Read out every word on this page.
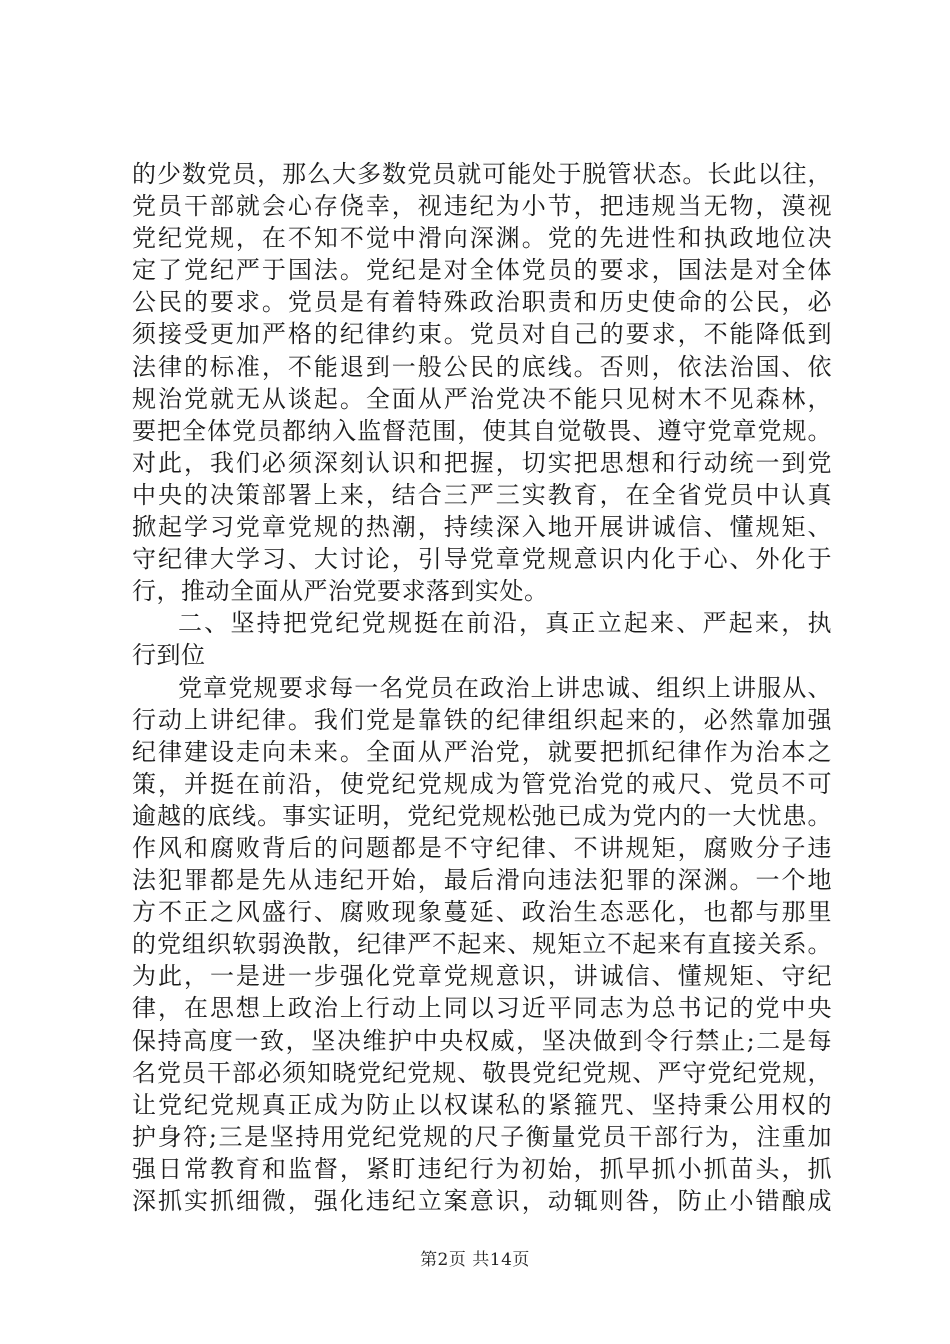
的少数党员，那么大多数党员就可能处于脱管状态。长此以往，
党员干部就会心存侥幸，视违纪为小节，把违规当无物，漠视
党纪党规，在不知不觉中滑向深渊。党的先进性和执政地位决
定了党纪严于国法。党纪是对全体党员的要求，国法是对全体
公民的要求。党员是有着特殊政治职责和历史使命的公民，必
须接受更加严格的纪律约束。党员对自己的要求，不能降低到
法律的标准，不能退到一般公民的底线。否则，依法治国、依
规治党就无从谈起。全面从严治党决不能只见树木不见森林，
要把全体党员都纳入监督范围，使其自觉敬畏、遵守党章党规。
对此，我们必须深刻认识和把握，切实把思想和行动统一到党
中央的决策部署上来，结合三严三实教育，在全省党员中认真
掀起学习党章党规的热潮，持续深入地开展讲诚信、懂规矩、
守纪律大学习、大讨论，引导党章党规意识内化于心、外化于
行，推动全面从严治党要求落到实处。
二、坚持把党纪党规挺在前沿，真正立起来、严起来，执
行到位
党章党规要求每一名党员在政治上讲忠诚、组织上讲服从、
行动上讲纪律。我们党是靠铁的纪律组织起来的，必然靠加强
纪律建设走向未来。全面从严治党，就要把抓纪律作为治本之
策，并挺在前沿，使党纪党规成为管党治党的戒尺、党员不可
逾越的底线。事实证明，党纪党规松弛已成为党内的一大忧患。
作风和腐败背后的问题都是不守纪律、不讲规矩，腐败分子违
法犯罪都是先从违纪开始，最后滑向违法犯罪的深渊。一个地
方不正之风盛行、腐败现象蔓延、政治生态恶化，也都与那里
的党组织软弱涣散，纪律严不起来、规矩立不起来有直接关系。
为此，一是进一步强化党章党规意识，讲诚信、懂规矩、守纪
律，在思想上政治上行动上同以习近平同志为总书记的党中央
保持高度一致，坚决维护中央权威，坚决做到令行禁止;二是每
名党员干部必须知晓党纪党规、敬畏党纪党规、严守党纪党规，
让党纪党规真正成为防止以权谋私的紧箍咒、坚持秉公用权的
护身符;三是坚持用党纪党规的尺子衡量党员干部行为，注重加
强日常教育和监督，紧盯违纪行为初始，抓早抓小抓苗头，抓
深抓实抓细微，强化违纪立案意识，动辄则咎，防止小错酿成
第2页 共14页
